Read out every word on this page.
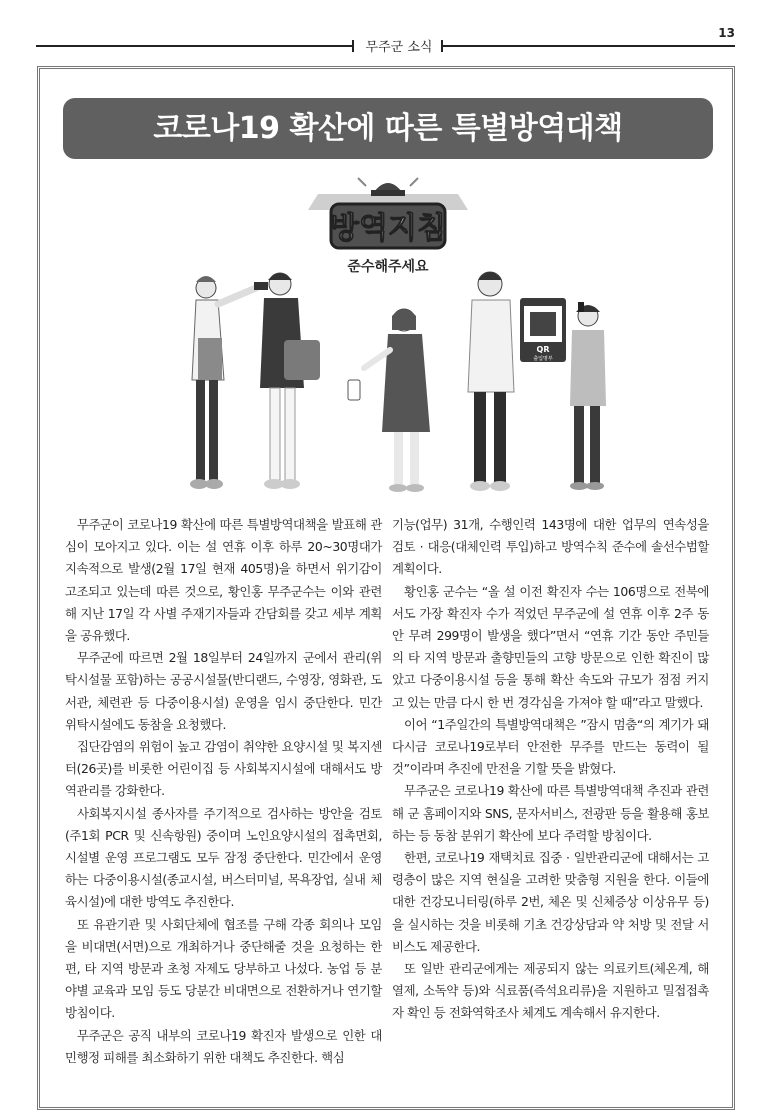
13
무주군 소식
코로나19 확산에 따른 특별방역대책
방역지침
준수해주세요
QR
출입명부

무주군이 코로나19 확산에 따른 특별방역대책을 발표해 관심이 모아지고 있다. 이는 설 연휴 이후 하루 20~30명대가 지속적으로 발생(2월 17일 현재 405명)을 하면서 위기감이 고조되고 있는데 따른 것으로, 황인홍 무주군수는 이와 관련해 지난 17일 각 사별 주재기자들과 간담회를 갖고 세부 계획을 공유했다.

무주군에 따르면 2월 18일부터 24일까지 군에서 관리(위탁시설물 포함)하는 공공시설물(반디랜드, 수영장, 영화관, 도서관, 체련관 등 다중이용시설) 운영을 임시 중단한다. 민간 위탁시설에도 동참을 요청했다.

집단감염의 위험이 높고 감염이 취약한 요양시설 및 복지센터(26곳)를 비롯한 어린이집 등 사회복지시설에 대해서도 방역관리를 강화한다.

사회복지시설 종사자를 주기적으로 검사하는 방안을 검토(주1회 PCR 및 신속항원) 중이며 노인요양시설의 접촉면회, 시설별 운영 프로그램도 모두 잠정 중단한다. 민간에서 운영하는 다중이용시설(종교시설, 버스터미널, 목욕장업, 실내 체육시설)에 대한 방역도 추진한다.

또 유관기관 및 사회단체에 협조를 구해 각종 회의나 모임을 비대면(서면)으로 개최하거나 중단해줄 것을 요청하는 한편, 타 지역 방문과 초청 자제도 당부하고 나섰다. 농업 등 분야별 교육과 모임 등도 당분간 비대면으로 전환하거나 연기할 방침이다.

무주군은 공직 내부의 코로나19 확진자 발생으로 인한 대민행정 피해를 최소화하기 위한 대책도 추진한다. 핵심

기능(업무) 31개, 수행인력 143명에 대한 업무의 연속성을 검토 · 대응(대체인력 투입)하고 방역수칙 준수에 솔선수범할 계획이다.

황인홍 군수는 “올 설 이전 확진자 수는 106명으로 전북에서도 가장 확진자 수가 적었던 무주군에 설 연휴 이후 2주 동안 무려 299명이 발생을 했다”면서 “연휴 기간 동안 주민들의 타 지역 방문과 출향민들의 고향 방문으로 인한 확진이 많았고 다중이용시설 등을 통해 확산 속도와 규모가 점점 커지고 있는 만큼 다시 한 번 경각심을 가져야 할 때”라고 말했다.

이어 “1주일간의 특별방역대책은 ”잠시 멈춤“의 계기가 돼 다시금 코로나19로부터 안전한 무주를 만드는 동력이 될 것”이라며 추진에 만전을 기할 뜻을 밝혔다.

무주군은 코로나19 확산에 따른 특별방역대책 추진과 관련해 군 홈페이지와 SNS, 문자서비스, 전광판 등을 활용해 홍보하는 등 동참 분위기 확산에 보다 주력할 방침이다.

한편, 코로나19 재택치료 집중 · 일반관리군에 대해서는 고령층이 많은 지역 현실을 고려한 맞춤형 지원을 한다. 이들에 대한 건강모니터링(하루 2번, 체온 및 신체증상 이상유무 등)을 실시하는 것을 비롯해 기초 건강상담과 약 처방 및 전달 서비스도 제공한다.

또 일반 관리군에게는 제공되지 않는 의료키트(체온계, 해열제, 소독약 등)와 식료품(즉석요리류)을 지원하고 밀접접촉자 확인 등 전화역학조사 체계도 계속해서 유지한다.
